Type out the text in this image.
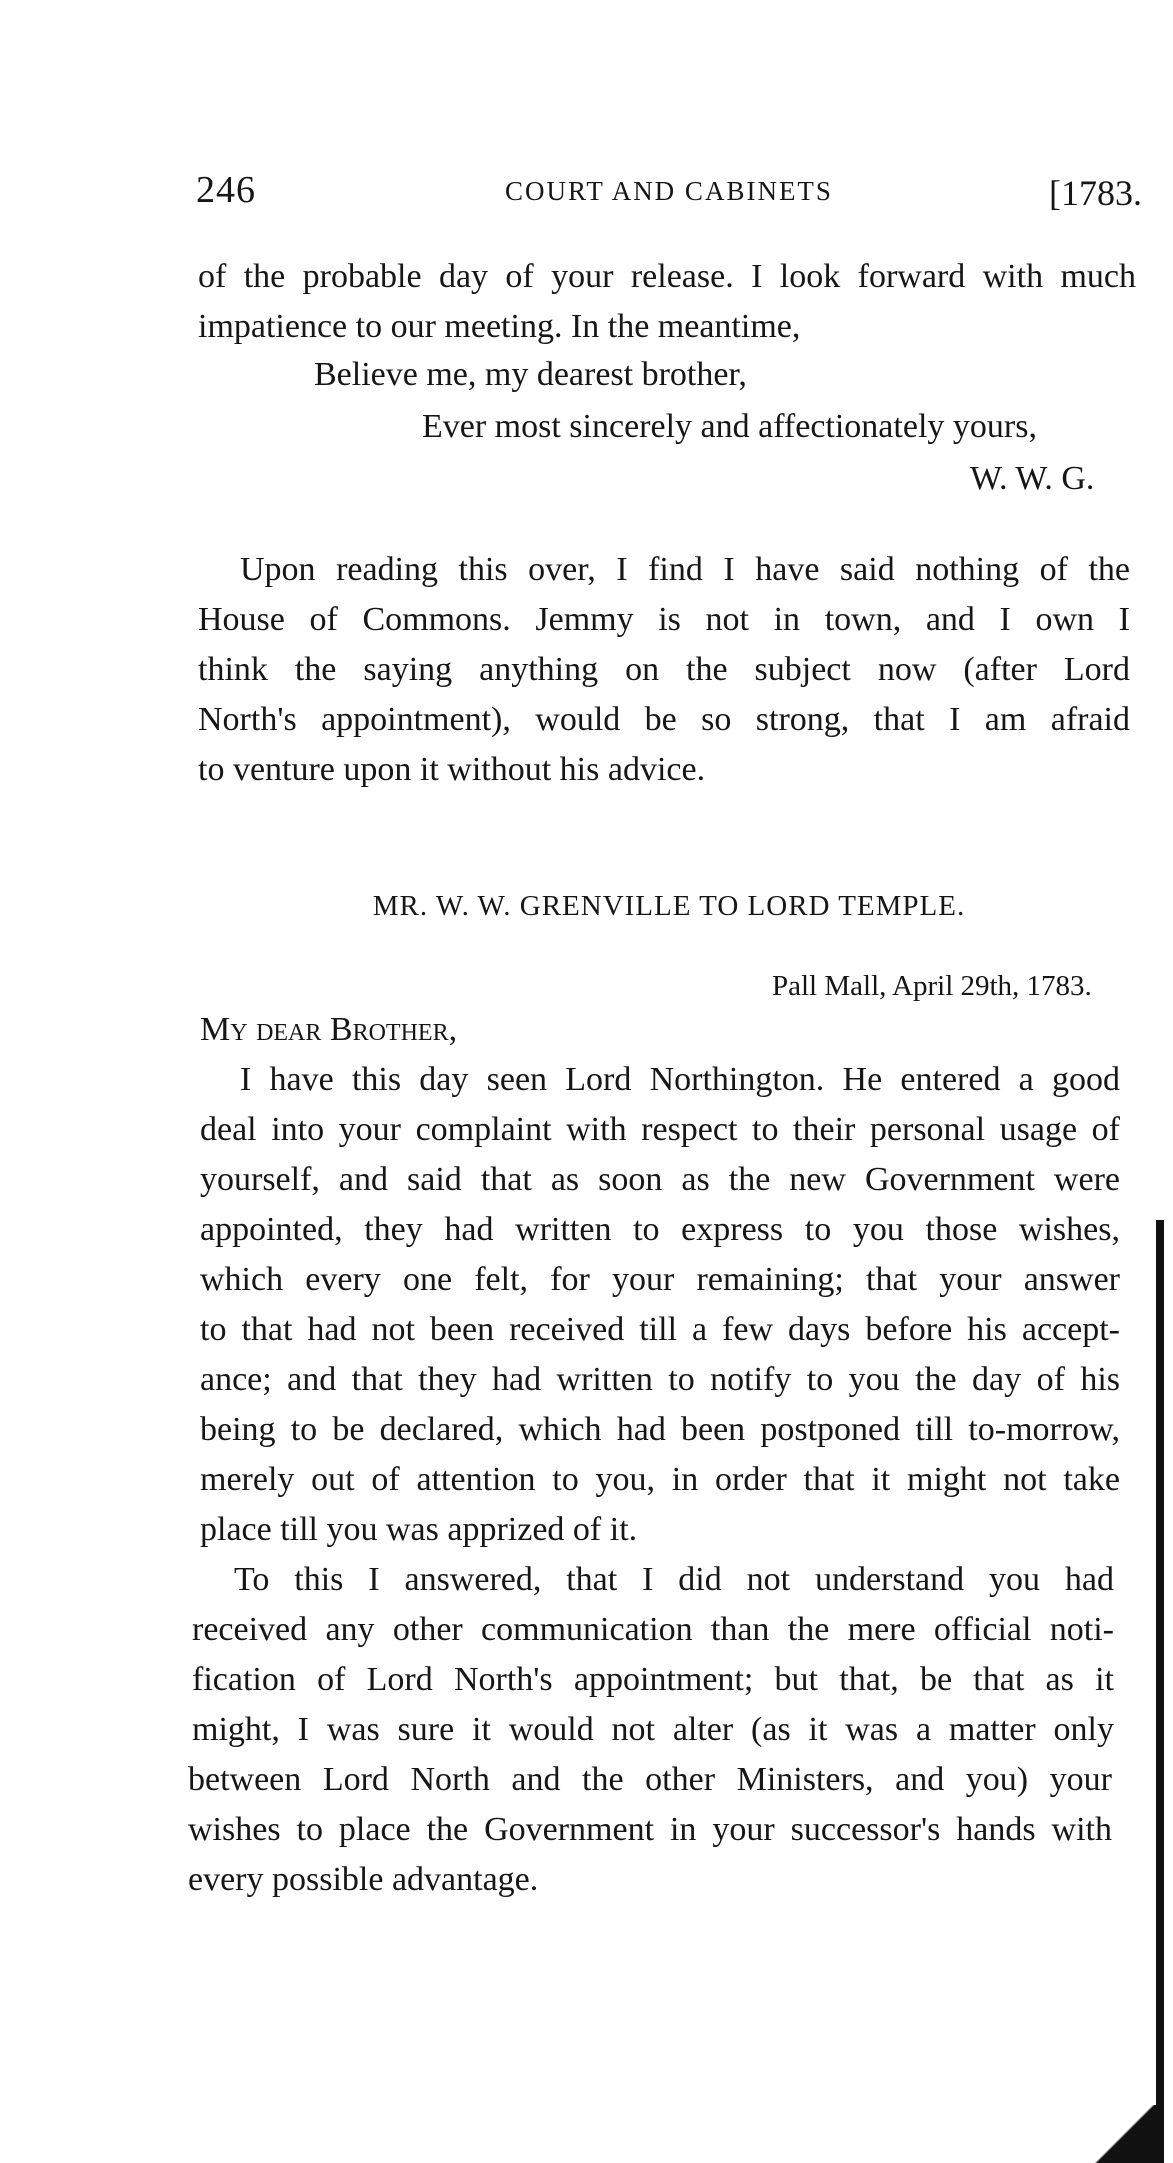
246	COURT AND CABINETS	[1783.
of the probable day of your release. I look forward with much
impatience to our meeting. In the meantime,
Believe me, my dearest brother,
Ever most sincerely and affectionately yours,
W. W. G.
Upon reading this over, I find I have said nothing of the
House of Commons. Jemmy is not in town, and I own I
think the saying anything on the subject now (after Lord
North's appointment), would be so strong, that I am afraid
to venture upon it without his advice.
MR. W. W. GRENVILLE TO LORD TEMPLE.
Pall Mall, April 29th, 1783.
My dear Brother,
I have this day seen Lord Northington. He entered a good
deal into your complaint with respect to their personal usage of
yourself, and said that as soon as the new Government were
appointed, they had written to express to you those wishes,
which every one felt, for your remaining; that your answer
to that had not been received till a few days before his accept-
ance; and that they had written to notify to you the day of his
being to be declared, which had been postponed till to-morrow,
merely out of attention to you, in order that it might not take
place till you was apprized of it.
To this I answered, that I did not understand you had
received any other communication than the mere official noti-
fication of Lord North's appointment; but that, be that as it
might, I was sure it would not alter (as it was a matter only
between Lord North and the other Ministers, and you) your
wishes to place the Government in your successor's hands with
every possible advantage.
